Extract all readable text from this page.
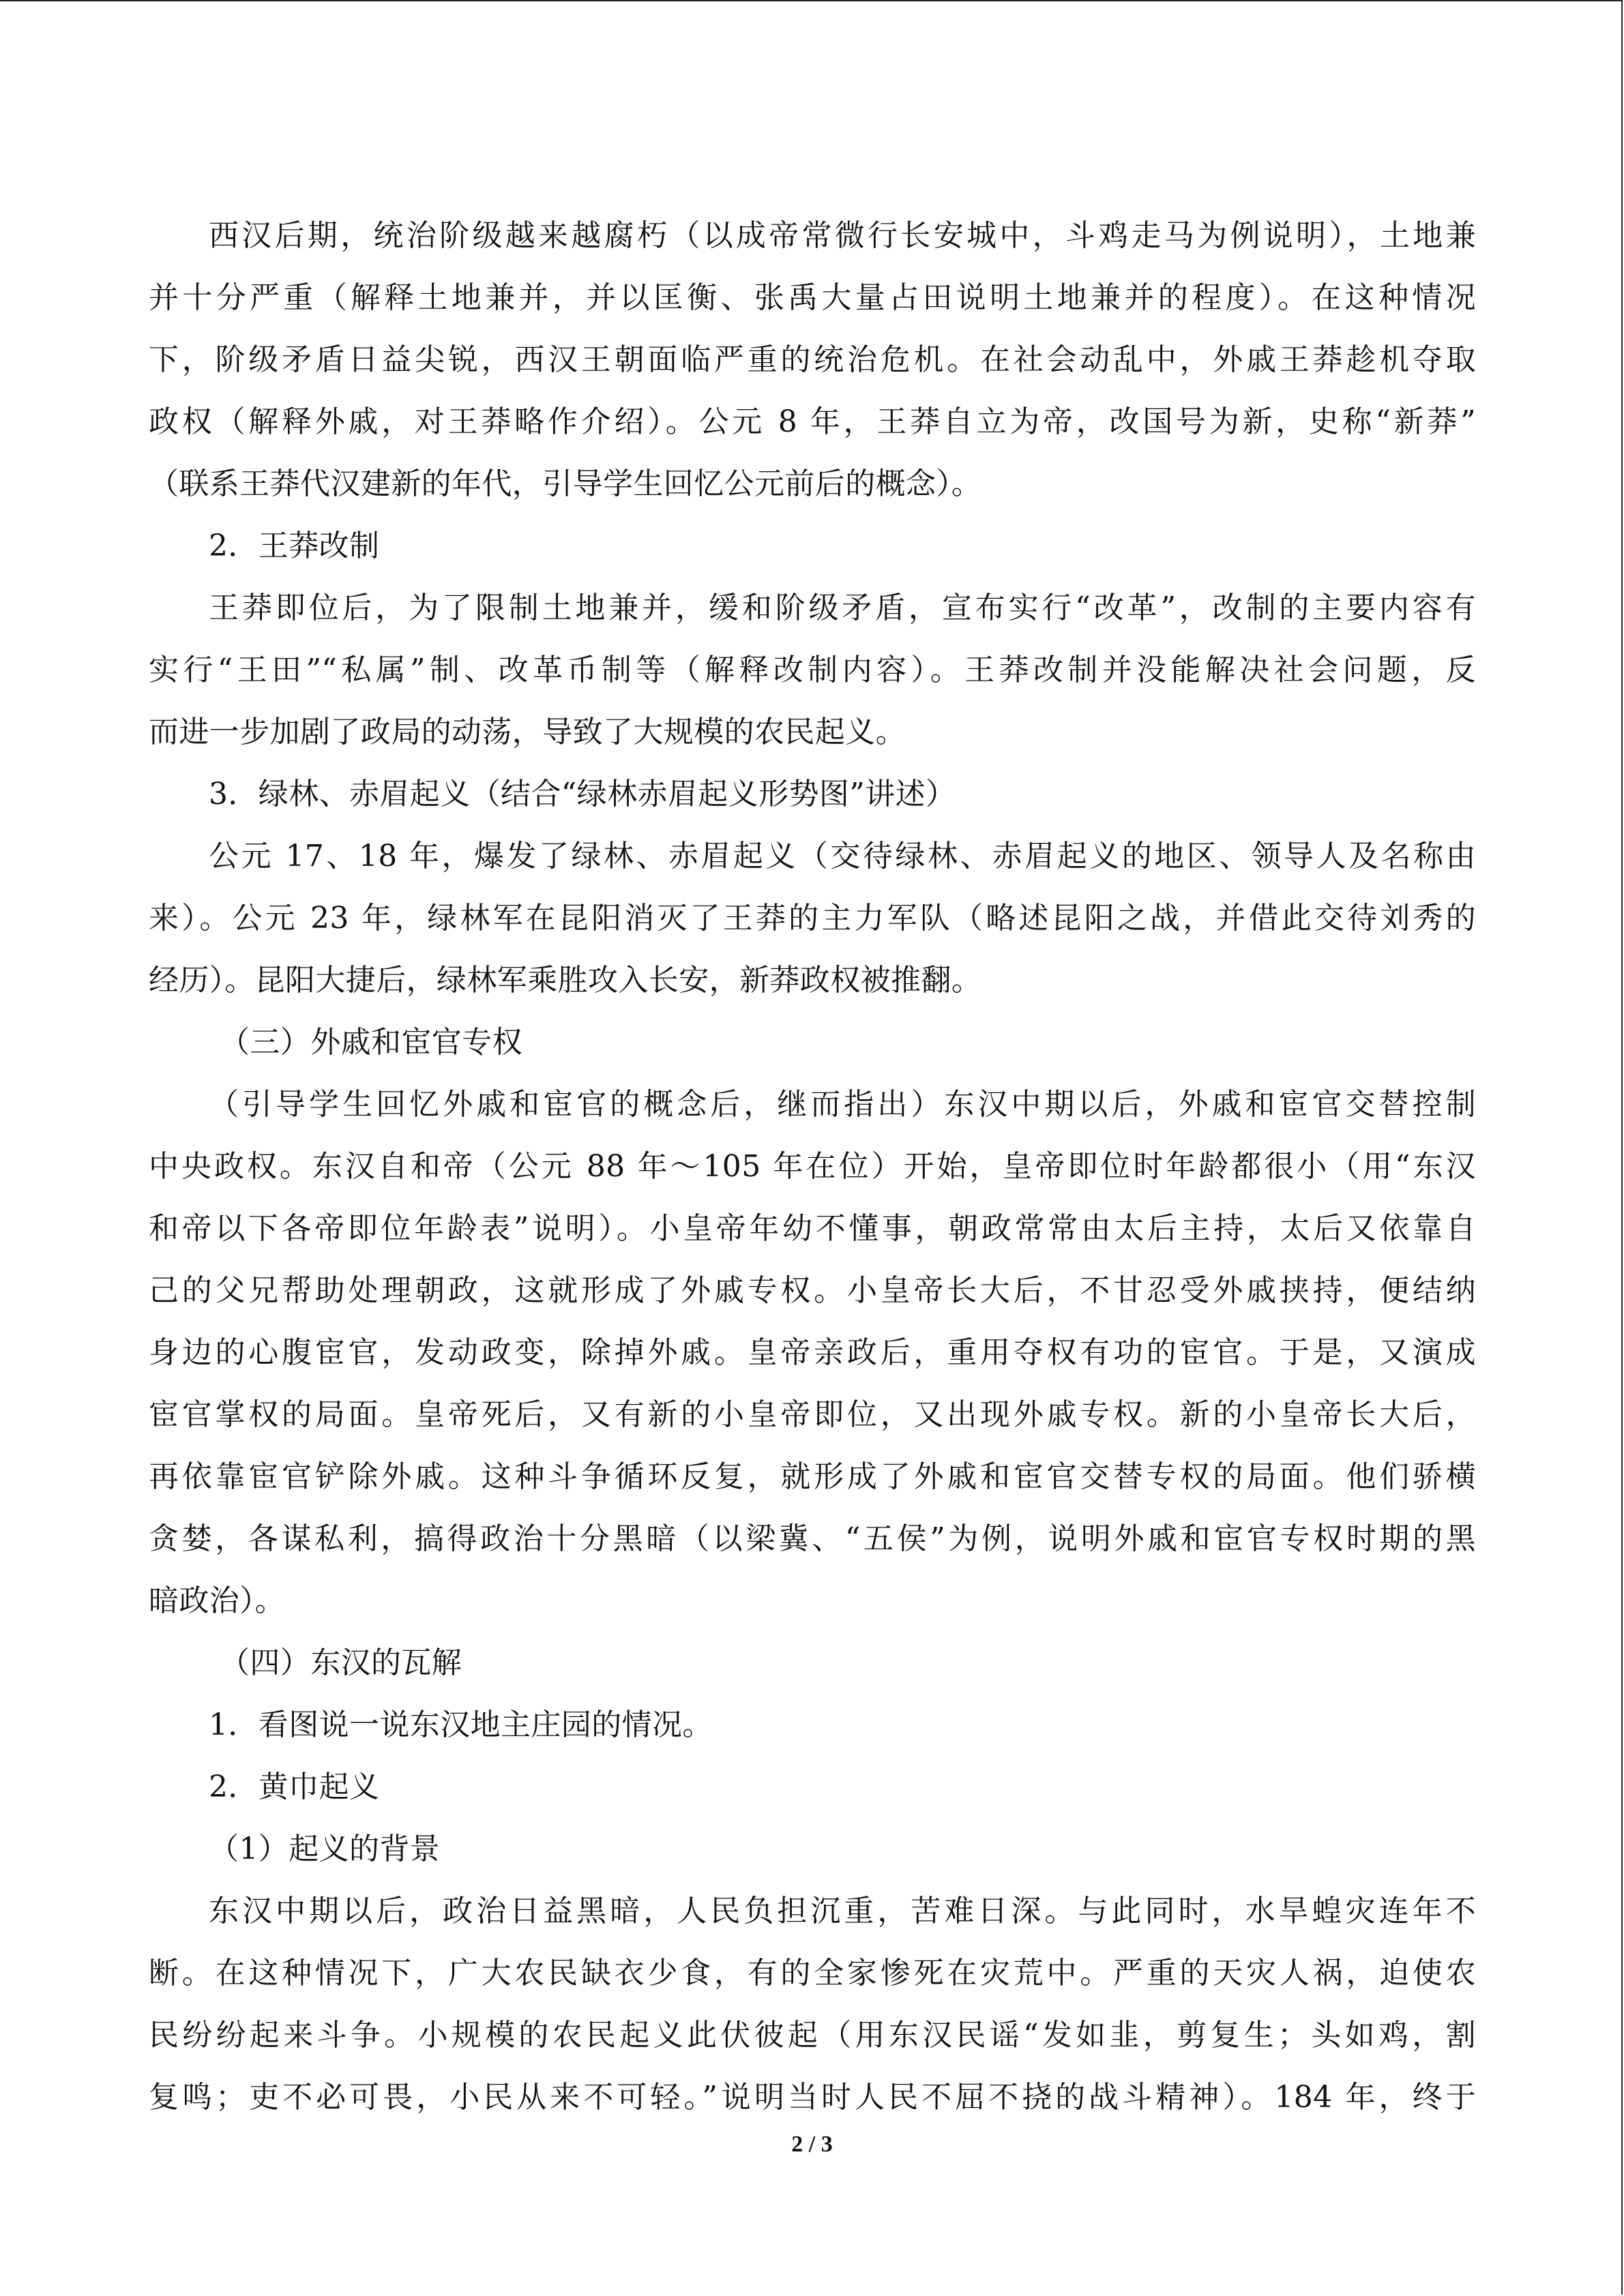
西汉后期，统治阶级越来越腐朽（以成帝常微行长安城中，斗鸡走马为例说明），土地兼
并十分严重（解释土地兼并，并以匡衡、张禹大量占田说明土地兼并的程度）。在这种情况
下，阶级矛盾日益尖锐，西汉王朝面临严重的统治危机。在社会动乱中，外戚王莽趁机夺取
政权（解释外戚，对王莽略作介绍）。公元 8 年，王莽自立为帝，改国号为新，史称“新莽”
（联系王莽代汉建新的年代，引导学生回忆公元前后的概念）。
2．王莽改制
王莽即位后，为了限制土地兼并，缓和阶级矛盾，宣布实行“改革”，改制的主要内容有
实行“王田”“私属”制、改革币制等（解释改制内容）。王莽改制并没能解决社会问题，反
而进一步加剧了政局的动荡，导致了大规模的农民起义。
3．绿林、赤眉起义（结合“绿林赤眉起义形势图”讲述）
公元 17、18 年，爆发了绿林、赤眉起义（交待绿林、赤眉起义的地区、领导人及名称由
来）。公元 23 年，绿林军在昆阳消灭了王莽的主力军队（略述昆阳之战，并借此交待刘秀的
经历）。昆阳大捷后，绿林军乘胜攻入长安，新莽政权被推翻。
（三）外戚和宦官专权
（引导学生回忆外戚和宦官的概念后，继而指出）东汉中期以后，外戚和宦官交替控制
中央政权。东汉自和帝（公元 88 年～105 年在位）开始，皇帝即位时年龄都很小（用“东汉
和帝以下各帝即位年龄表”说明）。小皇帝年幼不懂事，朝政常常由太后主持，太后又依靠自
己的父兄帮助处理朝政，这就形成了外戚专权。小皇帝长大后，不甘忍受外戚挟持，便结纳
身边的心腹宦官，发动政变，除掉外戚。皇帝亲政后，重用夺权有功的宦官。于是，又演成
宦官掌权的局面。皇帝死后，又有新的小皇帝即位，又出现外戚专权。新的小皇帝长大后，
再依靠宦官铲除外戚。这种斗争循环反复，就形成了外戚和宦官交替专权的局面。他们骄横
贪婪，各谋私利，搞得政治十分黑暗（以梁冀、“五侯”为例，说明外戚和宦官专权时期的黑
暗政治）。
（四）东汉的瓦解
1．看图说一说东汉地主庄园的情况。
2．黄巾起义
（1）起义的背景
东汉中期以后，政治日益黑暗，人民负担沉重，苦难日深。与此同时，水旱蝗灾连年不
断。在这种情况下，广大农民缺衣少食，有的全家惨死在灾荒中。严重的天灾人祸，迫使农
民纷纷起来斗争。小规模的农民起义此伏彼起（用东汉民谣“发如韭，剪复生；头如鸡，割
复鸣；吏不必可畏，小民从来不可轻。”说明当时人民不屈不挠的战斗精神）。184 年，终于
2 / 3
